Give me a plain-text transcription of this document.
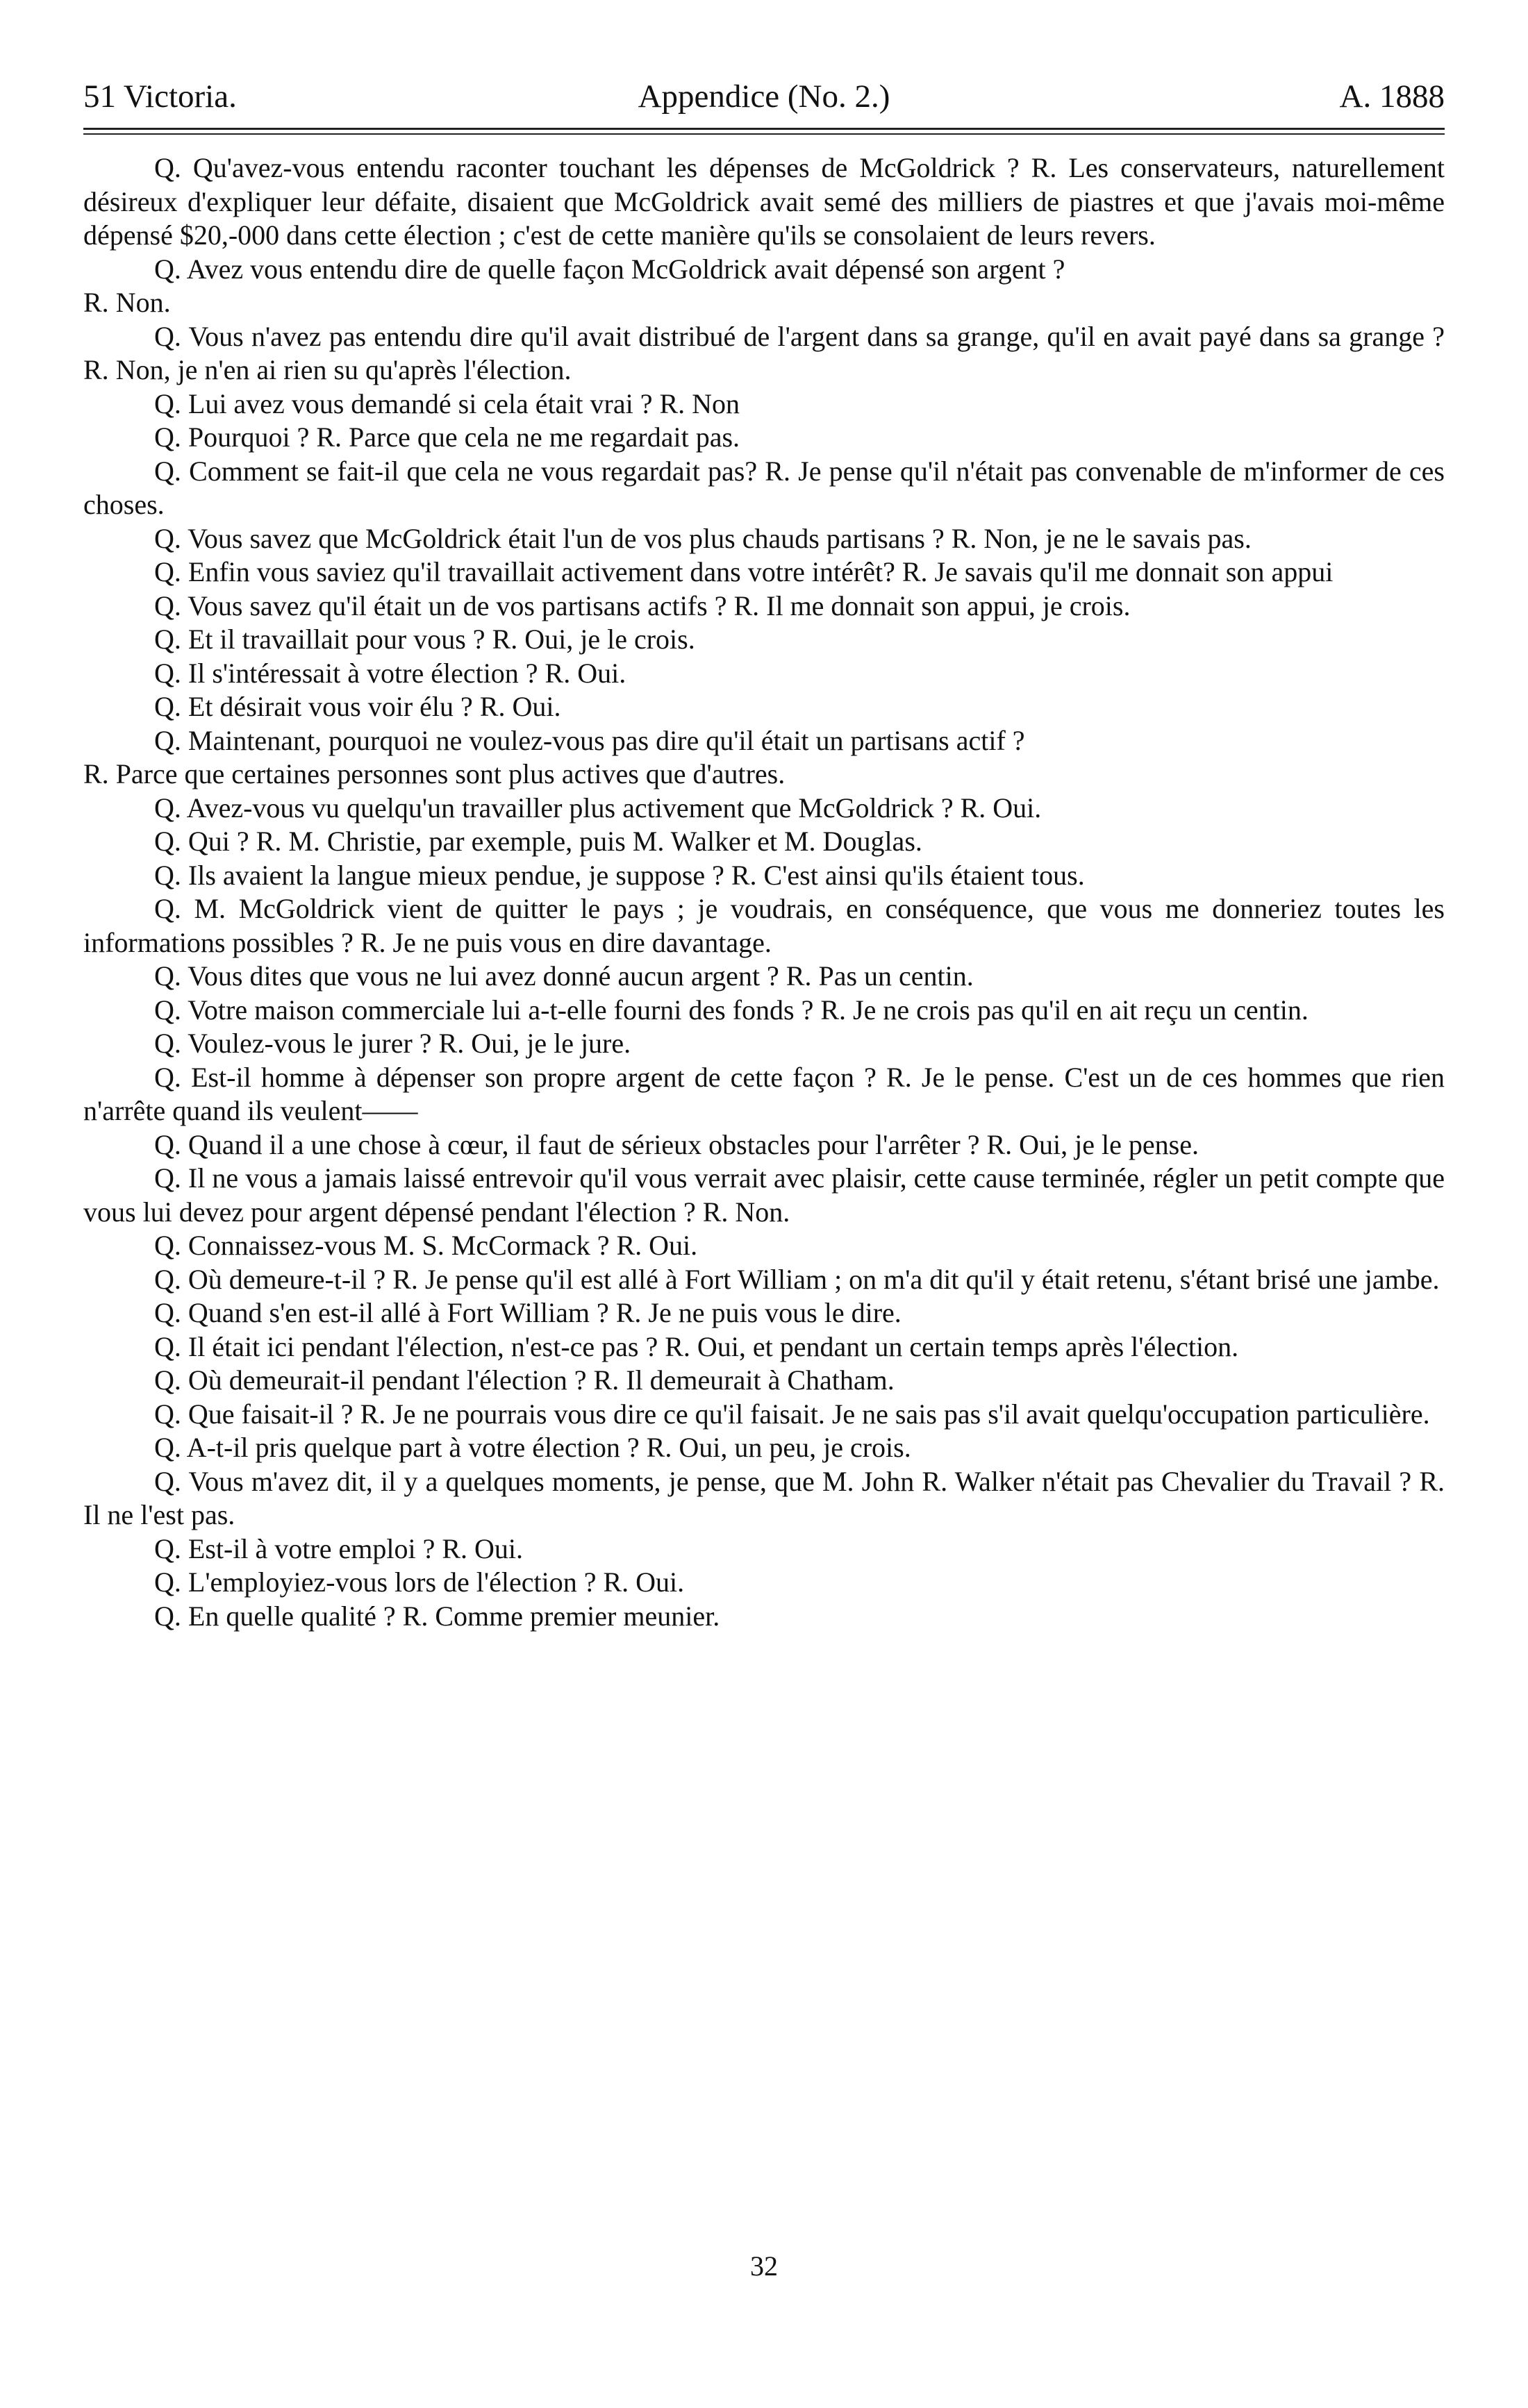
51 Victoria.	Appendice (No. 2.)	A. 1888

Q. Qu'avez-vous entendu raconter touchant les dépenses de McGoldrick ? R. Les conservateurs, naturellement désireux d'expliquer leur défaite, disaient que McGoldrick avait semé des milliers de piastres et que j'avais moi-même dépensé $20,-000 dans cette élection ; c'est de cette manière qu'ils se consolaient de leurs revers.

Q. Avez vous entendu dire de quelle façon McGoldrick avait dépensé son argent ?

R. Non.

Q. Vous n'avez pas entendu dire qu'il avait distribué de l'argent dans sa grange, qu'il en avait payé dans sa grange ? R. Non, je n'en ai rien su qu'après l'élection.

Q. Lui avez vous demandé si cela était vrai ? R. Non

Q. Pourquoi ? R. Parce que cela ne me regardait pas.

Q. Comment se fait-il que cela ne vous regardait pas? R. Je pense qu'il n'était pas convenable de m'informer de ces choses.

Q. Vous savez que McGoldrick était l'un de vos plus chauds partisans ? R. Non, je ne le savais pas.

Q. Enfin vous saviez qu'il travaillait activement dans votre intérêt? R. Je savais qu'il me donnait son appui

Q. Vous savez qu'il était un de vos partisans actifs ? R. Il me donnait son appui, je crois.

Q. Et il travaillait pour vous ? R. Oui, je le crois.

Q. Il s'intéressait à votre élection ? R. Oui.

Q. Et désirait vous voir élu ? R. Oui.

Q. Maintenant, pourquoi ne voulez-vous pas dire qu'il était un partisans actif ?

R. Parce que certaines personnes sont plus actives que d'autres.

Q. Avez-vous vu quelqu'un travailler plus activement que McGoldrick ? R. Oui.

Q. Qui ? R. M. Christie, par exemple, puis M. Walker et M. Douglas.

Q. Ils avaient la langue mieux pendue, je suppose ? R. C'est ainsi qu'ils étaient tous.

Q. M. McGoldrick vient de quitter le pays ; je voudrais, en conséquence, que vous me donneriez toutes les informations possibles ? R. Je ne puis vous en dire davantage.

Q. Vous dites que vous ne lui avez donné aucun argent ? R. Pas un centin.

Q. Votre maison commerciale lui a-t-elle fourni des fonds ? R. Je ne crois pas qu'il en ait reçu un centin.

Q. Voulez-vous le jurer ? R. Oui, je le jure.

Q. Est-il homme à dépenser son propre argent de cette façon ? R. Je le pense. C'est un de ces hommes que rien n'arrête quand ils veulent——

Q. Quand il a une chose à cœur, il faut de sérieux obstacles pour l'arrêter ? R. Oui, je le pense.

Q. Il ne vous a jamais laissé entrevoir qu'il vous verrait avec plaisir, cette cause terminée, régler un petit compte que vous lui devez pour argent dépensé pendant l'élection ? R. Non.

Q. Connaissez-vous M. S. McCormack ? R. Oui.

Q. Où demeure-t-il ? R. Je pense qu'il est allé à Fort William ; on m'a dit qu'il y était retenu, s'étant brisé une jambe.

Q. Quand s'en est-il allé à Fort William ? R. Je ne puis vous le dire.

Q. Il était ici pendant l'élection, n'est-ce pas ? R. Oui, et pendant un certain temps après l'élection.

Q. Où demeurait-il pendant l'élection ? R. Il demeurait à Chatham.

Q. Que faisait-il ? R. Je ne pourrais vous dire ce qu'il faisait. Je ne sais pas s'il avait quelqu'occupation particulière.

Q. A-t-il pris quelque part à votre élection ? R. Oui, un peu, je crois.

Q. Vous m'avez dit, il y a quelques moments, je pense, que M. John R. Walker n'était pas Chevalier du Travail ? R. Il ne l'est pas.

Q. Est-il à votre emploi ? R. Oui.

Q. L'employiez-vous lors de l'élection ? R. Oui.

Q. En quelle qualité ? R. Comme premier meunier.

32
